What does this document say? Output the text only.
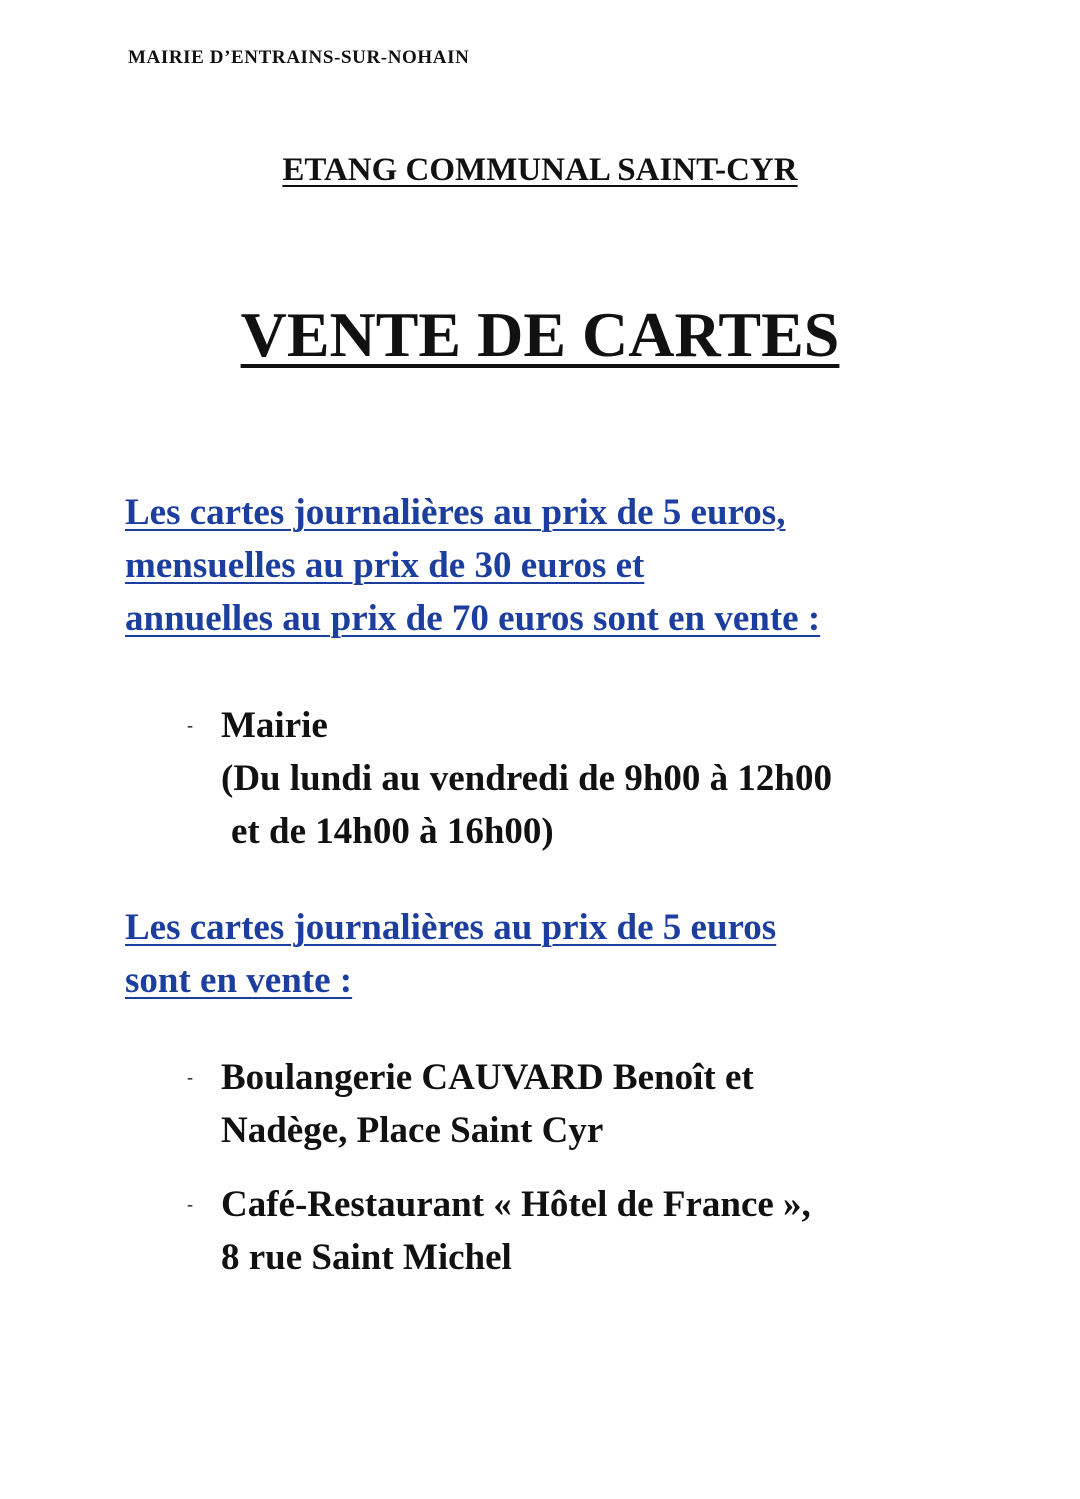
MAIRIE D’ENTRAINS-SUR-NOHAIN
ETANG COMMUNAL SAINT-CYR
VENTE DE CARTES
Les cartes journalières au prix de 5 euros,
mensuelles au prix de 30 euros et
annuelles au prix de 70 euros sont en vente :
- Mairie
(Du lundi au vendredi de 9h00 à 12h00
et de 14h00 à 16h00)
Les cartes journalières au prix de 5 euros
sont en vente :
- Boulangerie CAUVARD Benoît et
Nadège, Place Saint Cyr
- Café-Restaurant « Hôtel de France »,
8 rue Saint Michel
